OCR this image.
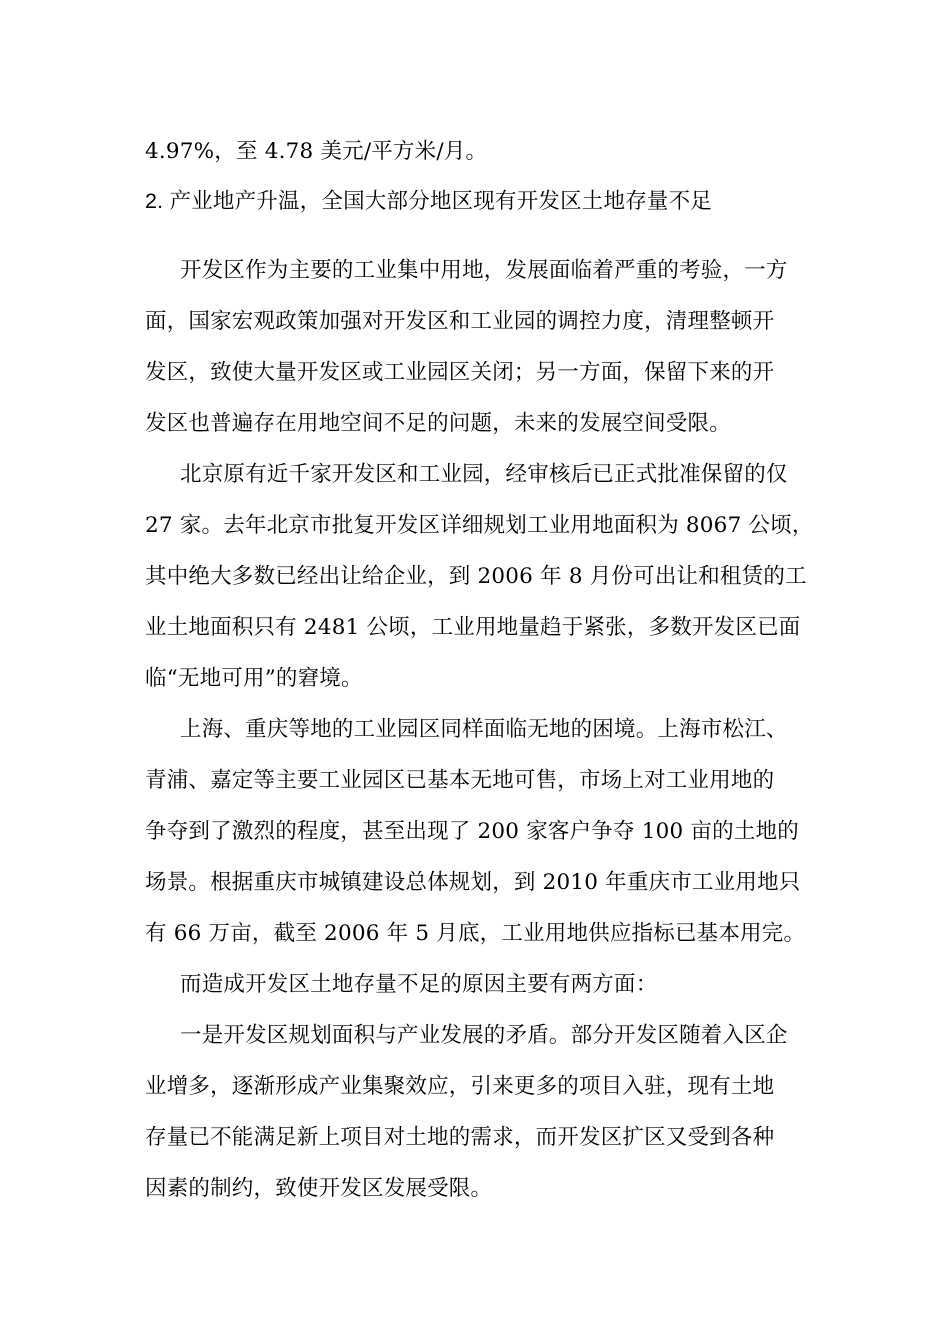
4.97%，至 4.78 美元/平方米/月。
2. 产业地产升温，全国大部分地区现有开发区土地存量不足
开发区作为主要的工业集中用地，发展面临着严重的考验，一方
面，国家宏观政策加强对开发区和工业园的调控力度，清理整顿开
发区，致使大量开发区或工业园区关闭；另一方面，保留下来的开
发区也普遍存在用地空间不足的问题，未来的发展空间受限。
北京原有近千家开发区和工业园，经审核后已正式批准保留的仅
27 家。去年北京市批复开发区详细规划工业用地面积为 8067 公顷，
其中绝大多数已经出让给企业，到 2006 年 8 月份可出让和租赁的工
业土地面积只有 2481 公顷，工业用地量趋于紧张，多数开发区已面
临“无地可用”的窘境。
上海、重庆等地的工业园区同样面临无地的困境。上海市松江、
青浦、嘉定等主要工业园区已基本无地可售，市场上对工业用地的
争夺到了激烈的程度，甚至出现了 200 家客户争夺 100 亩的土地的
场景。根据重庆市城镇建设总体规划，到 2010 年重庆市工业用地只
有 66 万亩，截至 2006 年 5 月底，工业用地供应指标已基本用完。
而造成开发区土地存量不足的原因主要有两方面：
一是开发区规划面积与产业发展的矛盾。部分开发区随着入区企
业增多，逐渐形成产业集聚效应，引来更多的项目入驻，现有土地
存量已不能满足新上项目对土地的需求，而开发区扩区又受到各种
因素的制约，致使开发区发展受限。
